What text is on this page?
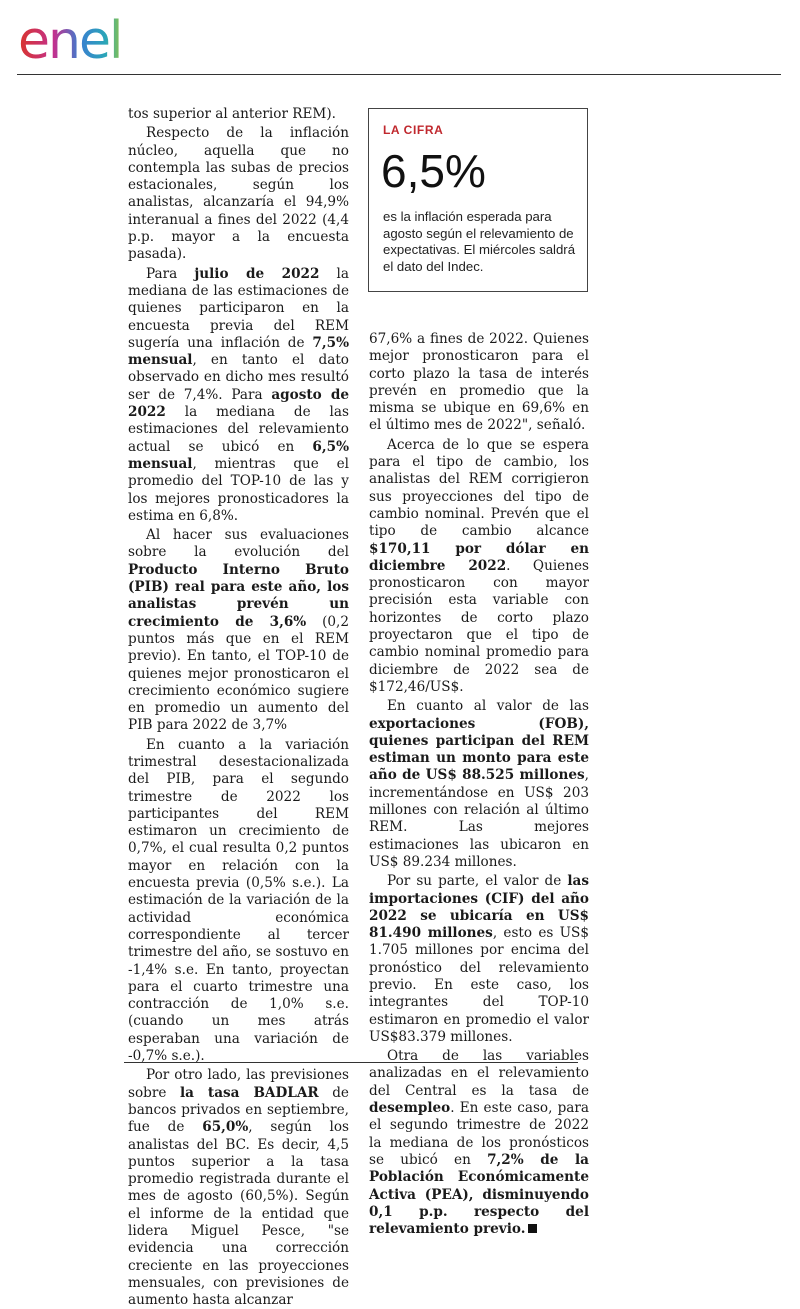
enel

tos superior al anterior REM).

Respecto de la inflación núcleo, aquella que no contempla las subas de precios estacionales, según los analistas, alcanzaría el 94,9% interanual a fines del 2022 (4,4 p.p. mayor a la encuesta pasada).

Para julio de 2022 la mediana de las estimaciones de quienes participaron en la encuesta previa del REM sugería una inflación de 7,5% mensual, en tanto el dato observado en dicho mes resultó ser de 7,4%. Para agosto de 2022 la mediana de las estimaciones del relevamiento actual se ubicó en 6,5% mensual, mientras que el promedio del TOP-10 de las y los mejores pronosticadores la estima en 6,8%.

Al hacer sus evaluaciones sobre la evolución del Producto Interno Bruto (PIB) real para este año, los analistas prevén un crecimiento de 3,6% (0,2 puntos más que en el REM previo). En tanto, el TOP-10 de quienes mejor pronosticaron el crecimiento económico sugiere en promedio un aumento del PIB para 2022 de 3,7%

En cuanto a la variación trimestral desestacionalizada del PIB, para el segundo trimestre de 2022 los participantes del REM estimaron un crecimiento de 0,7%, el cual resulta 0,2 puntos mayor en relación con la encuesta previa (0,5% s.e.). La estimación de la variación de la actividad económica correspondiente al tercer trimestre del año, se sostuvo en -1,4% s.e. En tanto, proyectan para el cuarto trimestre una contracción de 1,0% s.e. (cuando un mes atrás esperaban una variación de -0,7% s.e.).

Por otro lado, las previsiones sobre la tasa BADLAR de bancos privados en septiembre, fue de 65,0%, según los analistas del BC. Es decir, 4,5 puntos superior a la tasa promedio registrada durante el mes de agosto (60,5%). Según el informe de la entidad que lidera Miguel Pesce, "se evidencia una corrección creciente en las proyecciones mensuales, con previsiones de aumento hasta alcanzar

LA CIFRA
6,5%
es la inflación esperada para agosto según el relevamiento de expectativas. El miércoles saldrá el dato del Indec.

67,6% a fines de 2022. Quienes mejor pronosticaron para el corto plazo la tasa de interés prevén en promedio que la misma se ubique en 69,6% en el último mes de 2022", señaló.

Acerca de lo que se espera para el tipo de cambio, los analistas del REM corrigieron sus proyecciones del tipo de cambio nominal. Prevén que el tipo de cambio alcance $170,11 por dólar en diciembre 2022. Quienes pronosticaron con mayor precisión esta variable con horizontes de corto plazo proyectaron que el tipo de cambio nominal promedio para diciembre de 2022 sea de $172,46/US$.

En cuanto al valor de las exportaciones (FOB), quienes participan del REM estiman un monto para este año de US$ 88.525 millones, incrementándose en US$ 203 millones con relación al último REM. Las mejores estimaciones las ubicaron en US$ 89.234 millones.

Por su parte, el valor de las importaciones (CIF) del año 2022 se ubicaría en US$ 81.490 millones, esto es US$ 1.705 millones por encima del pronóstico del relevamiento previo. En este caso, los integrantes del TOP-10 estimaron en promedio el valor US$83.379 millones.

Otra de las variables analizadas en el relevamiento del Central es la tasa de desempleo. En este caso, para el segundo trimestre de 2022 la mediana de los pronósticos se ubicó en 7,2% de la Población Económicamente Activa (PEA), disminuyendo 0,1 p.p. respecto del relevamiento previo.
